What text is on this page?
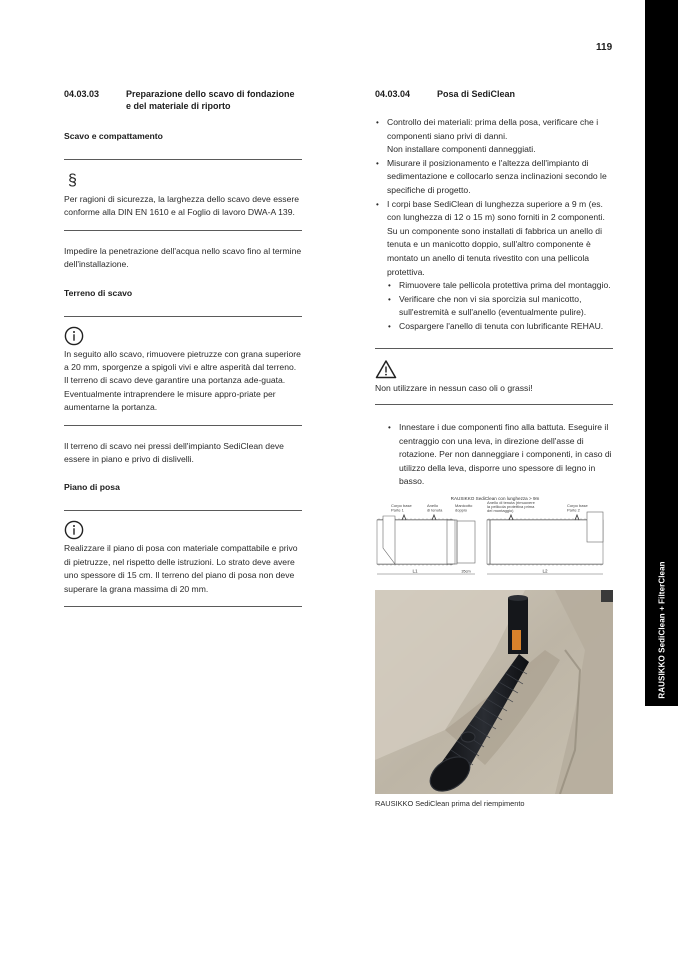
119
RAUSIKKO SediClean + FilterClean
04.03.03	Preparazione dello scavo di fondazione
e del materiale di riporto
Scavo e compattamento
§
Per ragioni di sicurezza, la larghezza dello scavo deve essere conforme alla DIN EN 1610 e al Foglio di lavoro DWA-A 139.
Impedire la penetrazione dell'acqua nello scavo fino al termine dell'installazione.
Terreno di scavo
In seguito allo scavo, rimuovere pietruzze con grana superiore a 20 mm, sporgenze a spigoli vivi e altre asperità dal terreno.
Il terreno di scavo deve garantire una portanza ade-guata. Eventualmente intraprendere le misure appro-priate per aumentarne la portanza.
Il terreno di scavo nei pressi dell'impianto SediClean deve essere in piano e privo di dislivelli.
Piano di posa
Realizzare il piano di posa con materiale compattabile e privo di pietruzze, nel rispetto delle istruzioni. Lo strato deve avere uno spessore di 15 cm. Il terreno del piano di posa non deve superare la grana massima di 20 mm.
04.03.04	Posa di SediClean
• Controllo dei materiali: prima della posa, verificare che i componenti siano privi di danni.
Non installare componenti danneggiati.
• Misurare il posizionamento e l'altezza dell'impianto di sedimentazione e collocarlo senza inclinazioni secondo le specifiche di progetto.
• I corpi base SediClean di lunghezza superiore a 9 m (es. con lunghezza di 12 o 15 m) sono forniti in 2 componenti. Su un componente sono installati di fabbrica un anello di tenuta e un manicotto doppio, sull'altro componente è montato un anello di tenuta rivestito con una pellicola protettiva.
• Rimuovere tale pellicola protettiva prima del montaggio.
• Verificare che non vi sia sporcizia sul manicotto, sull'estremità e sull'anello (eventualmente pulire).
• Cospargere l'anello di tenuta con lubrificante REHAU.
Non utilizzare in nessun caso oli o grassi!
• Innestare i due componenti fino alla battuta. Eseguire il centraggio con una leva, in direzione dell'asse di rotazione. Per non danneggiare i componenti, in caso di utilizzo della leva, disporre uno spessore di legno in basso.
RAUSIKKO SediClean con lunghezza > 9m
Corpo base
Parte 1
Anello
di tenuta
Manicotto
doppio
Anello di tenuta (rimuovere
la pellicola protettiva prima
del montaggio)
Corpo base
Parte 2
L1	35cm	L2
RAUSIKKO SediClean prima del riempimento
